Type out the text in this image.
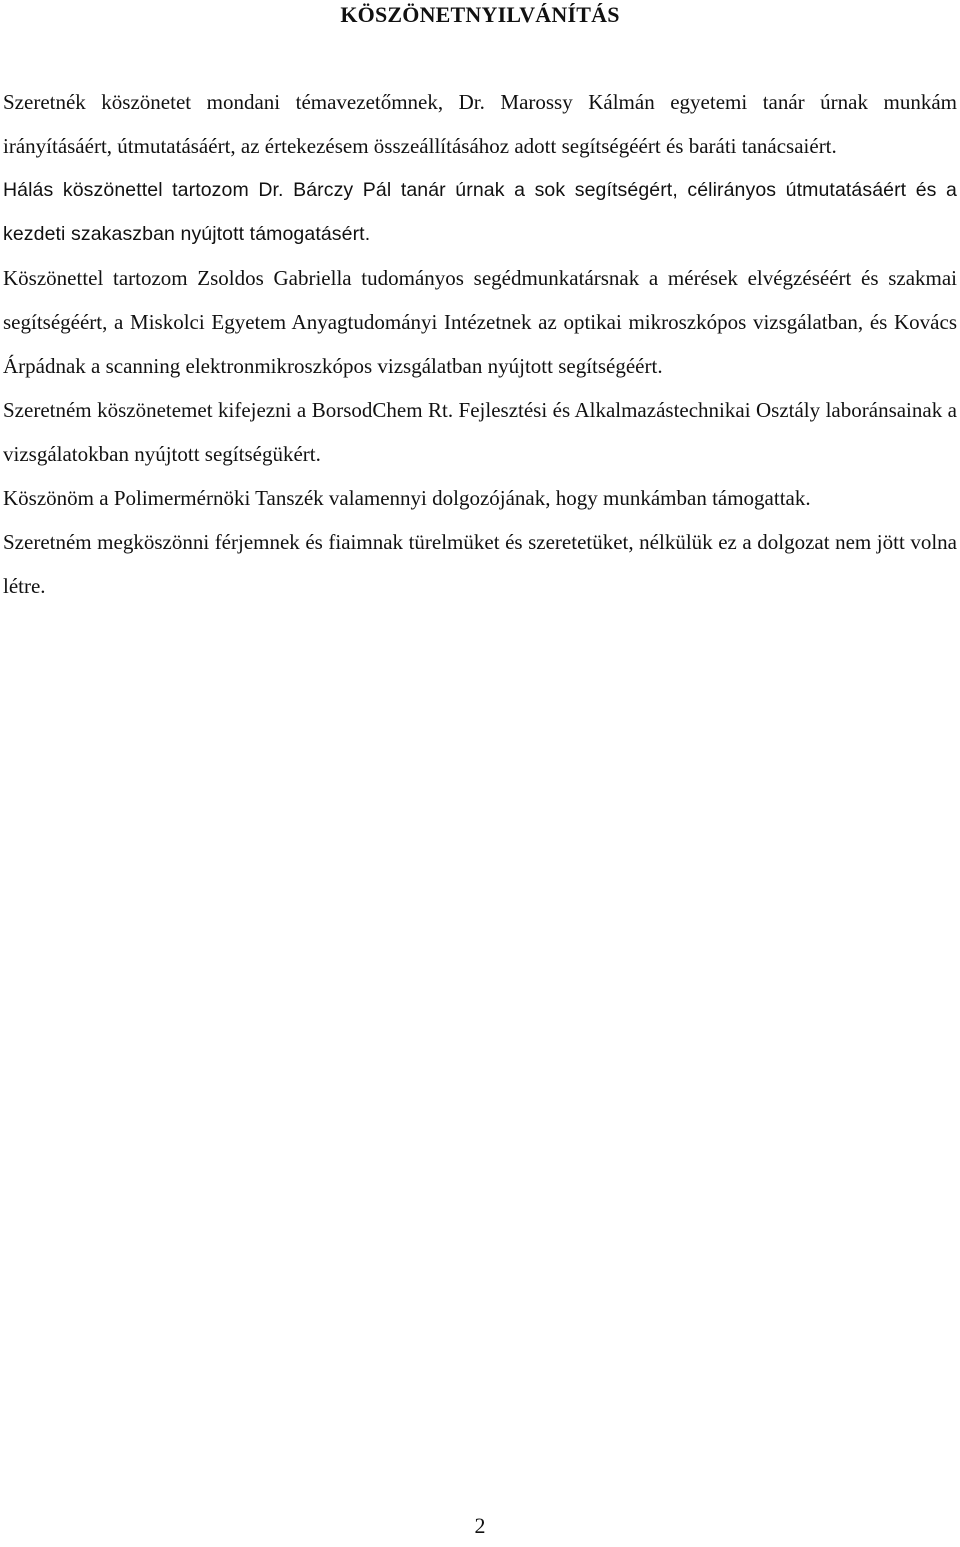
KÖSZÖNETNYILVÁNÍTÁS

Szeretnék köszönetet mondani témavezetőmnek, Dr. Marossy Kálmán egyetemi tanár úrnak munkám irányításáért, útmutatásáért, az értekezésem összeállításához adott segítségéért és baráti tanácsaiért.

Hálás köszönettel tartozom Dr. Bárczy Pál tanár úrnak a sok segítségért, célirányos útmutatásáért és a kezdeti szakaszban nyújtott támogatásért.

Köszönettel tartozom Zsoldos Gabriella tudományos segédmunkatársnak a mérések elvégzéséért és szakmai segítségéért, a Miskolci Egyetem Anyagtudományi Intézetnek az optikai mikroszkópos vizsgálatban, és Kovács Árpádnak a scanning elektronmikroszkópos vizsgálatban nyújtott segítségéért.

Szeretném köszönetemet kifejezni a BorsodChem Rt. Fejlesztési és Alkalmazástechnikai Osztály laboránsainak a vizsgálatokban nyújtott segítségükért.

Köszönöm a Polimermérnöki Tanszék valamennyi dolgozójának, hogy munkámban támogattak.

Szeretném megköszönni férjemnek és fiaimnak türelmüket és szeretetüket, nélkülük ez a dolgozat nem jött volna létre.

2
